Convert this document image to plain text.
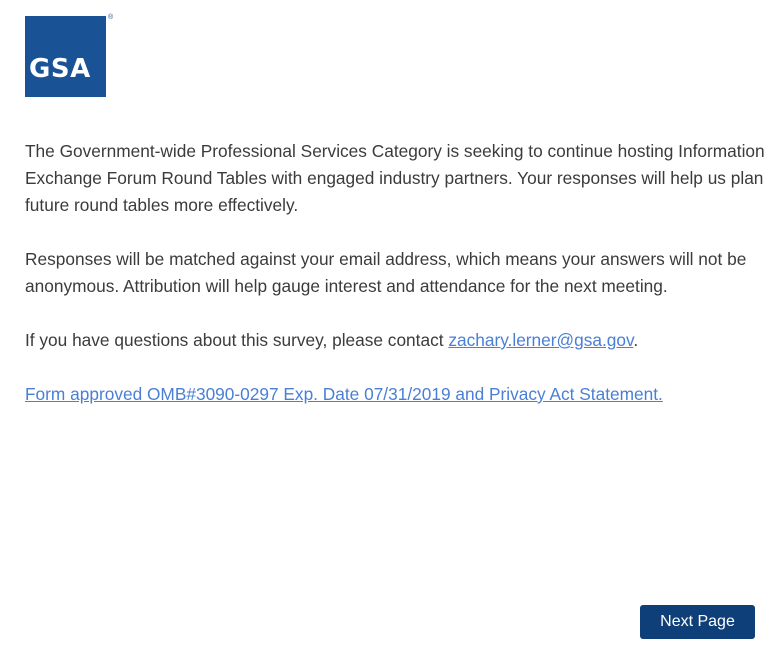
GSA
®

The Government-wide Professional Services Category is seeking to continue hosting Information Exchange Forum Round Tables with engaged industry partners. Your responses will help us plan future round tables more effectively.

Responses will be matched against your email address, which means your answers will not be anonymous. Attribution will help gauge interest and attendance for the next meeting.

If you have questions about this survey, please contact zachary.lerner@gsa.gov.

Form approved OMB#3090-0297 Exp. Date 07/31/2019 and Privacy Act Statement.

Next Page
